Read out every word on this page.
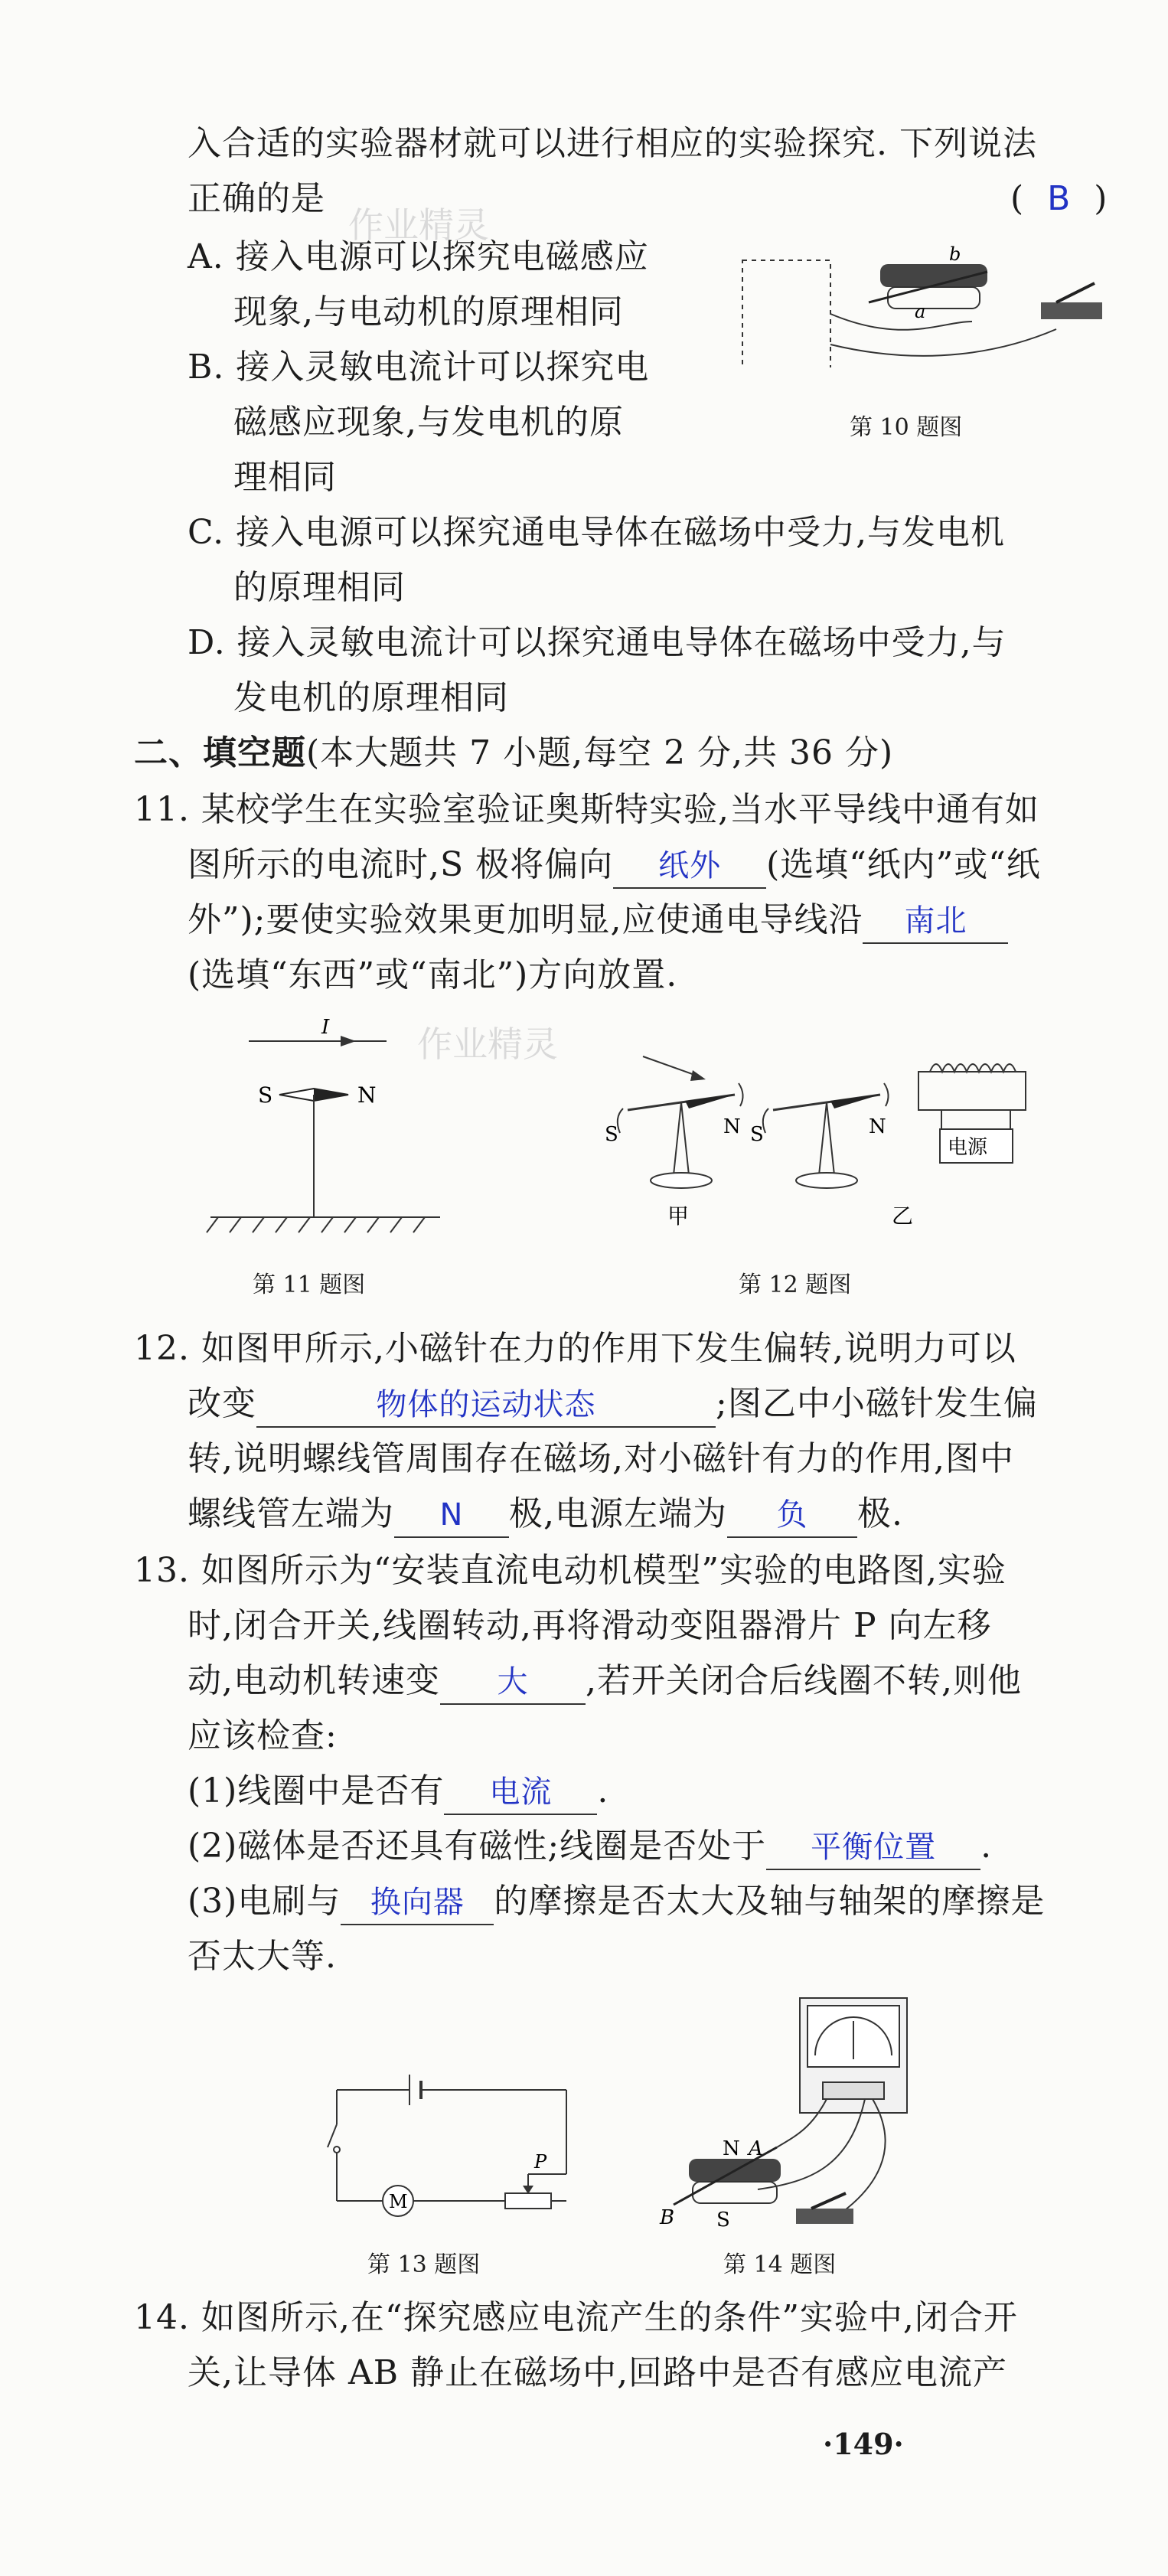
作业精灵
作业精灵
入合适的实验器材就可以进行相应的实验探究. 下列说法
正确的是	(  B  )
A. 接入电源可以探究电磁感应
现象,与电动机的原理相同
B. 接入灵敏电流计可以探究电
磁感应现象,与发电机的原
理相同
C. 接入电源可以探究通电导体在磁场中受力,与发电机
的原理相同
D. 接入灵敏电流计可以探究通电导体在磁场中受力,与
发电机的原理相同
a
b
第 10 题图
二、填空题(本大题共 7 小题,每空 2 分,共 36 分)
11. 某校学生在实验室验证奥斯特实验,当水平导线中通有如
图所示的电流时,S 极将偏向 纸外 (选填“纸内”或“纸
外”);要使实验效果更加明显,应使通电导线沿 南北
(选填“东西”或“南北”)方向放置.
I
S	N
第 11 题图
S	N
甲
S	N
乙
电源
第 12 题图
12. 如图甲所示,小磁针在力的作用下发生偏转,说明力可以
改变	物体的运动状态	;图乙中小磁针发生偏
转,说明螺线管周围存在磁场,对小磁针有力的作用,图中
螺线管左端为 N 极,电源左端为 负 极.
13. 如图所示为“安装直流电动机模型”实验的电路图,实验
时,闭合开关,线圈转动,再将滑动变阻器滑片 P 向左移
动,电动机转速变 大 ,若开关闭合后线圈不转,则他
应该检查:
(1)线圈中是否有 电流 .
(2)磁体是否还具有磁性;线圈是否处于 平衡位置 .
(3)电刷与 换向器 的摩擦是否太大及轴与轴架的摩擦是
否太大等.
M
P
第 13 题图
N A
B S
第 14 题图
14. 如图所示,在“探究感应电流产生的条件”实验中,闭合开
关,让导体 AB 静止在磁场中,回路中是否有感应电流产
·149·
